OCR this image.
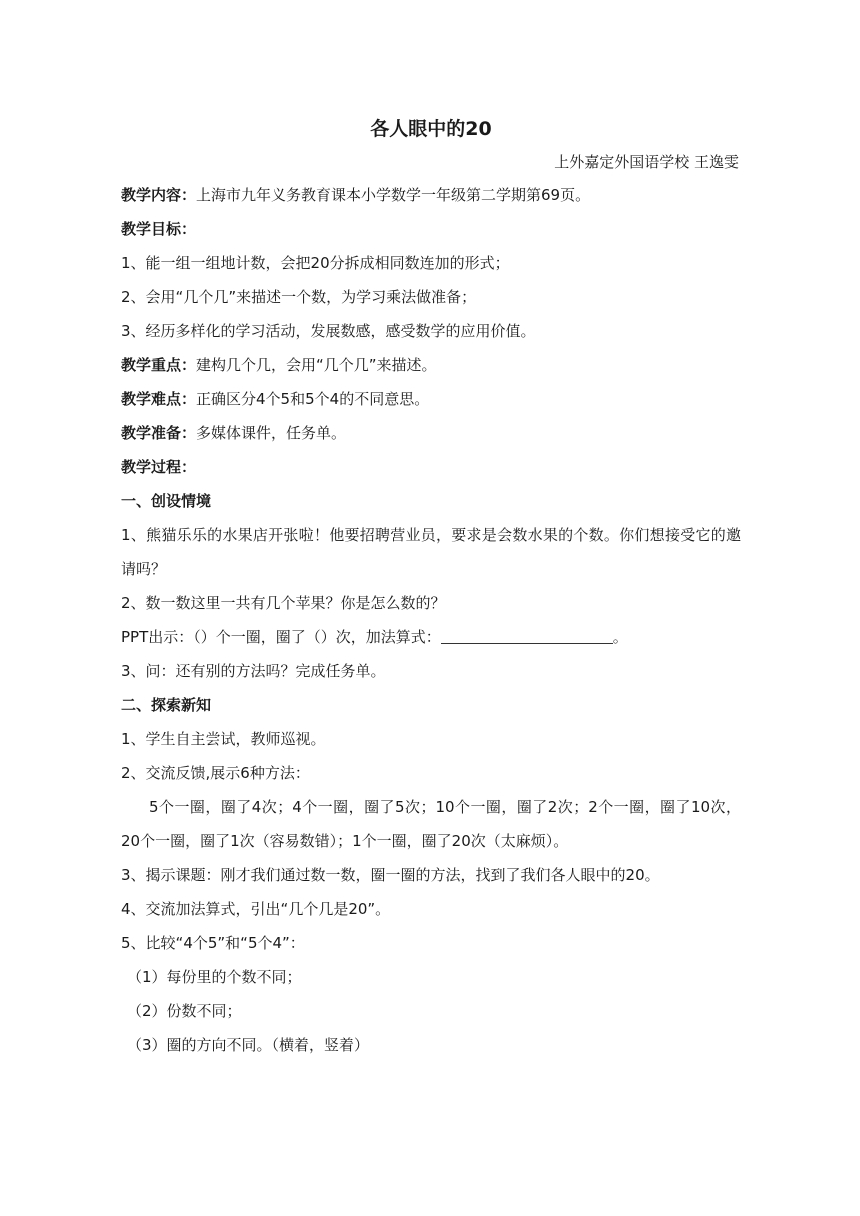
各人眼中的20

上外嘉定外国语学校 王逸雯

教学内容：上海市九年义务教育课本小学数学一年级第二学期第69页。

教学目标：

1、能一组一组地计数，会把20分拆成相同数连加的形式；

2、会用“几个几”来描述一个数，为学习乘法做准备；

3、经历多样化的学习活动，发展数感，感受数学的应用价值。

教学重点：建构几个几，会用“几个几”来描述。

教学难点：正确区分4个5和5个4的不同意思。

教学准备：多媒体课件，任务单。

教学过程：

一、创设情境

1、熊猫乐乐的水果店开张啦！他要招聘营业员，要求是会数水果的个数。你们想接受它的邀请吗？

2、数一数这里一共有几个苹果？你是怎么数的？

PPT出示：（）个一圈，圈了（）次，加法算式：	。

3、问：还有别的方法吗？完成任务单。

二、探索新知

1、学生自主尝试，教师巡视。

2、交流反馈,展示6种方法：

5个一圈，圈了4次；4个一圈，圈了5次；10个一圈，圈了2次；2个一圈，圈了10次，20个一圈，圈了1次（容易数错）；1个一圈，圈了20次（太麻烦）。

3、揭示课题：刚才我们通过数一数，圈一圈的方法，找到了我们各人眼中的20。

4、交流加法算式，引出“几个几是20”。

5、比较“4个5”和“5个4”：

（1）每份里的个数不同；

（2）份数不同；

（3）圈的方向不同。（横着，竖着）
